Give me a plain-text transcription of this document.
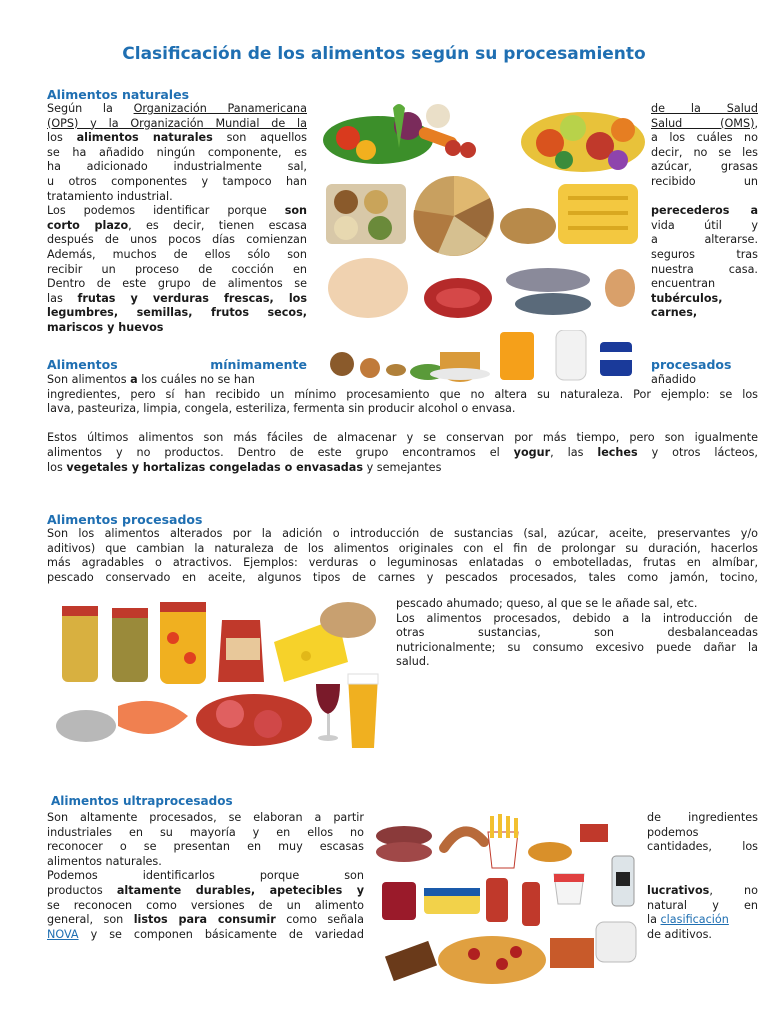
Clasificación de los alimentos según su procesamiento
Alimentos naturales
Según la Organización Panamericana
(OPS) y la Organización Mundial de la
los alimentos naturales son aquellos
se ha añadido ningún componente, es
ha adicionado industrialmente sal,
u otros componentes y tampoco han
tratamiento industrial.
Los podemos identificar porque son
corto plazo, es decir, tienen escasa
después de unos pocos días comienzan
Además, muchos de ellos sólo son
recibir un proceso de cocción en
Dentro de este grupo de alimentos se
las frutas y verduras frescas, los
legumbres, semillas, frutos secos,
mariscos y huevos
de la Salud
Salud (OMS),
a los cuáles no
decir, no se les
azúcar, grasas
recibido un

perecederos a
vida útil y
a alterarse.
seguros tras
nuestra casa.
encuentran
tubérculos,
carnes,
Alimentos mínimamente	procesados
Son alimentos a los cuáles no se han	añadido
ingredientes, pero sí han recibido un mínimo procesamiento que no altera su naturaleza. Por ejemplo: se los
lava, pasteuriza, limpia, congela, esteriliza, fermenta sin producir alcohol o envasa.

Estos últimos alimentos son más fáciles de almacenar y se conservan por más tiempo, pero son igualmente
alimentos y no productos. Dentro de este grupo encontramos el yogur, las leches y otros lácteos,
los vegetales y hortalizas congeladas o envasadas y semejantes
Alimentos procesados
Son los alimentos alterados por la adición o introducción de sustancias (sal, azúcar, aceite, preservantes y/o
aditivos) que cambian la naturaleza de los alimentos originales con el fin de prolongar su duración, hacerlos
más agradables o atractivos. Ejemplos: verduras o leguminosas enlatadas o embotelladas, frutas en almíbar,
pescado conservado en aceite, algunos tipos de carnes y pescados procesados, tales como jamón, tocino,
pescado ahumado; queso, al que se le añade sal, etc.
Los alimentos procesados, debido a la introducción de
otras sustancias, son desbalanceadas
nutricionalmente; su consumo excesivo puede dañar la
salud.
Alimentos ultraprocesados
Son altamente procesados, se elaboran a partir
industriales en su mayoría y en ellos no
reconocer o se presentan en muy escasas
alimentos naturales.
Podemos identificarlos porque son
productos altamente durables, apetecibles y
se reconocen como versiones de un alimento
general, son listos para consumir como señala
NOVA y se componen básicamente de variedad
de ingredientes
podemos
cantidades, los

lucrativos, no
natural y en
la clasificación
de aditivos.
